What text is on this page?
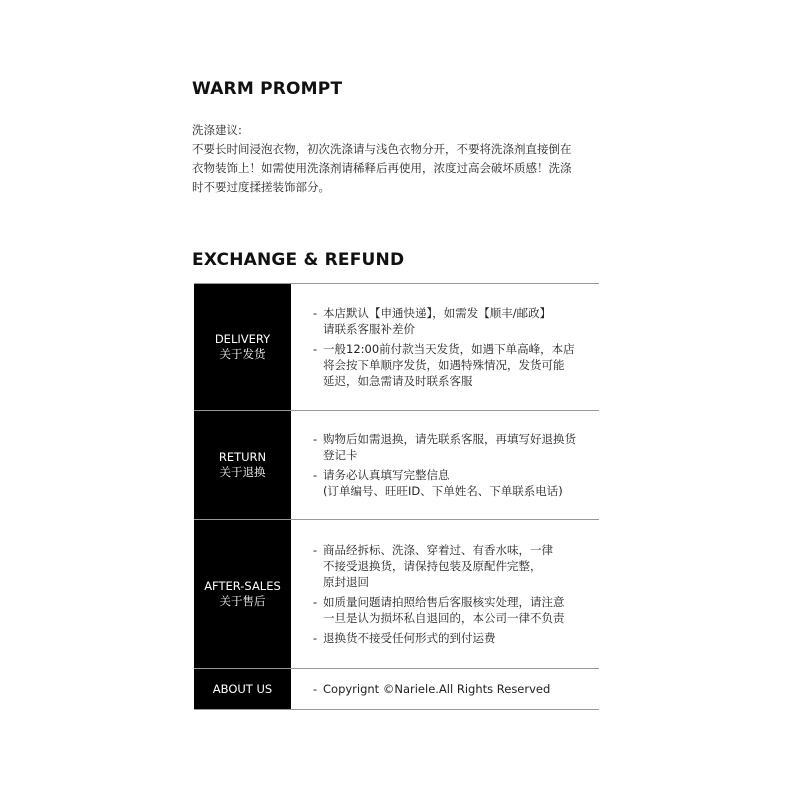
WARM PROMPT

洗涤建议:

不要长时间浸泡衣物，初次洗涤请与浅色衣物分开，不要将洗涤剂直接倒在

衣物装饰上！如需使用洗涤剂请稀释后再使用，浓度过高会破坏质感！洗涤

时不要过度揉搓装饰部分。

EXCHANGE & REFUND
DELIVERY
关于发货
- 本店默认【申通快递】，如需发【顺丰/邮政】
请联系客服补差价
- 一般12:00前付款当天发货，如遇下单高峰，本店
将会按下单顺序发货，如遇特殊情况，发货可能
延迟，如急需请及时联系客服
RETURN
关于退换
- 购物后如需退换，请先联系客服，再填写好退换货
登记卡
- 请务必认真填写完整信息
(订单编号、旺旺ID、下单姓名、下单联系电话)
AFTER-SALES
关于售后
- 商品经拆标、洗涤、穿着过、有香水味，一律
不接受退换货，请保持包装及原配件完整，
原封退回
- 如质量问题请拍照给售后客服核实处理，请注意
一旦是认为损坏私自退回的，本公司一律不负责
- 退换货不接受任何形式的到付运费
ABOUT US	- Copyrignt ©Nariele.All Rights Reserved
